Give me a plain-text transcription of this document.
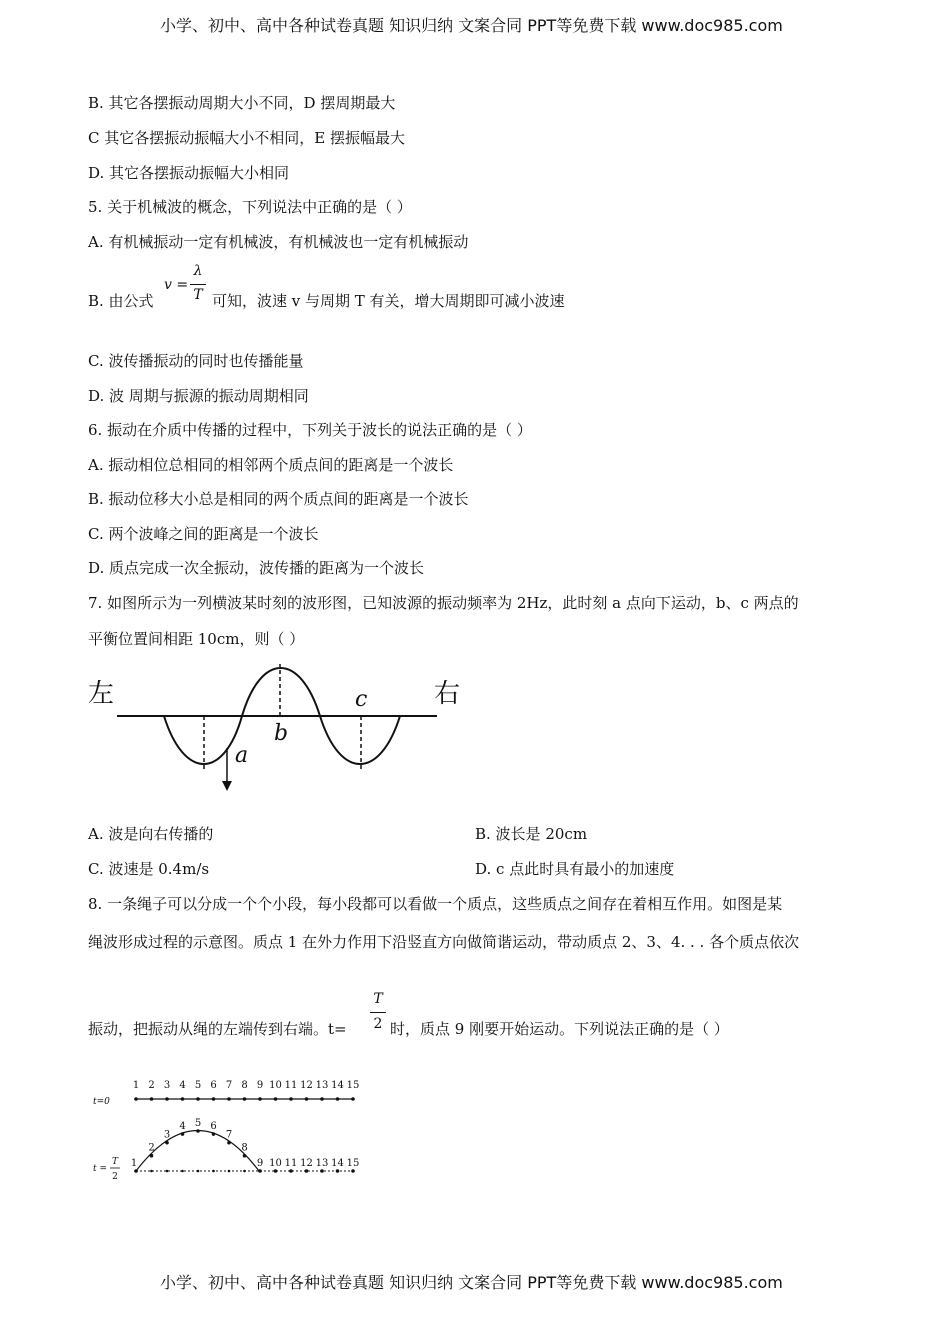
小学、初中、高中各种试卷真题 知识归纳 文案合同 PPT等免费下载 www.doc985.com
B. 其它各摆振动周期大小不同，D 摆周期最大
C 其它各摆振动振幅大小不相同，E 摆振幅最大
D. 其它各摆振动振幅大小相同
5. 关于机械波的概念，下列说法中正确的是（ ）
A. 有机械振动一定有机械波，有机械波也一定有机械振动
B. 由公式
v =
λ
T 可知，波速 v 与周期 T 有关，增大周期即可减小波速
C. 波传播振动的同时也传播能量
D. 波 周期与振源的振动周期相同
6. 振动在介质中传播的过程中，下列关于波长的说法正确的是（ ）
A. 振动相位总相同的相邻两个质点间的距离是一个波长
B. 振动位移大小总是相同的两个质点间的距离是一个波长
C. 两个波峰之间的距离是一个波长
D. 质点完成一次全振动，波传播的距离为一个波长
7. 如图所示为一列横波某时刻的波形图，已知波源的振动频率为 2Hz，此时刻 a 点向下运动，b、c 两点的
平衡位置间相距 10cm，则（ ）
左	右
a
b
c
A. 波是向右传播的	B. 波长是 20cm
C. 波速是 0.4m/s	D. c 点此时具有最小的加速度
8. 一条绳子可以分成一个个小段，每小段都可以看做一个质点，这些质点之间存在着相互作用。如图是某
绳波形成过程的示意图。质点 1 在外力作用下沿竖直方向做简谐运动，带动质点 2、3、4. . . 各个质点依次
振动，把振动从绳的左端传到右端。t=
T
2 时，质点 9 刚要开始运动。下列说法正确的是（ ）
1 2 3 4 5 6 7 8 9 10 11 12 13 14 15
t=0
1
2
3
4 5 6
7
8
9 10 11 12 13 14 15
t =
T
2
小学、初中、高中各种试卷真题 知识归纳 文案合同 PPT等免费下载 www.doc985.com
